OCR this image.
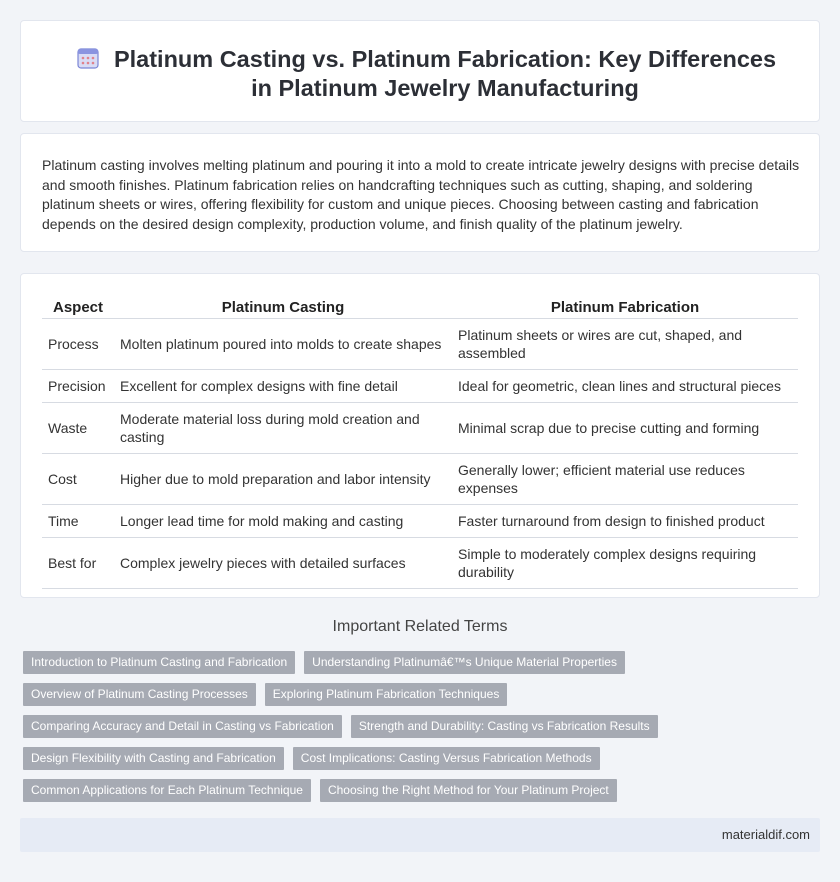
Platinum Casting vs. Platinum Fabrication: Key Differences in Platinum Jewelry Manufacturing

Platinum casting involves melting platinum and pouring it into a mold to create intricate jewelry designs with precise details and smooth finishes. Platinum fabrication relies on handcrafting techniques such as cutting, shaping, and soldering platinum sheets or wires, offering flexibility for custom and unique pieces. Choosing between casting and fabrication depends on the desired design complexity, production volume, and finish quality of the platinum jewelry.

Aspect	Platinum Casting	Platinum Fabrication
Process	Molten platinum poured into molds to create shapes	Platinum sheets or wires are cut, shaped, and assembled
Precision	Excellent for complex designs with fine detail	Ideal for geometric, clean lines and structural pieces
Waste	Moderate material loss during mold creation and casting	Minimal scrap due to precise cutting and forming
Cost	Higher due to mold preparation and labor intensity	Generally lower; efficient material use reduces expenses
Time	Longer lead time for mold making and casting	Faster turnaround from design to finished product
Best for	Complex jewelry pieces with detailed surfaces	Simple to moderately complex designs requiring durability
Important Related Terms
Introduction to Platinum Casting and Fabrication	Understanding Platinumâ€™s Unique Material Properties
Overview of Platinum Casting Processes	Exploring Platinum Fabrication Techniques
Comparing Accuracy and Detail in Casting vs Fabrication	Strength and Durability: Casting vs Fabrication Results
Design Flexibility with Casting and Fabrication	Cost Implications: Casting Versus Fabrication Methods
Common Applications for Each Platinum Technique	Choosing the Right Method for Your Platinum Project
materialdif.com
